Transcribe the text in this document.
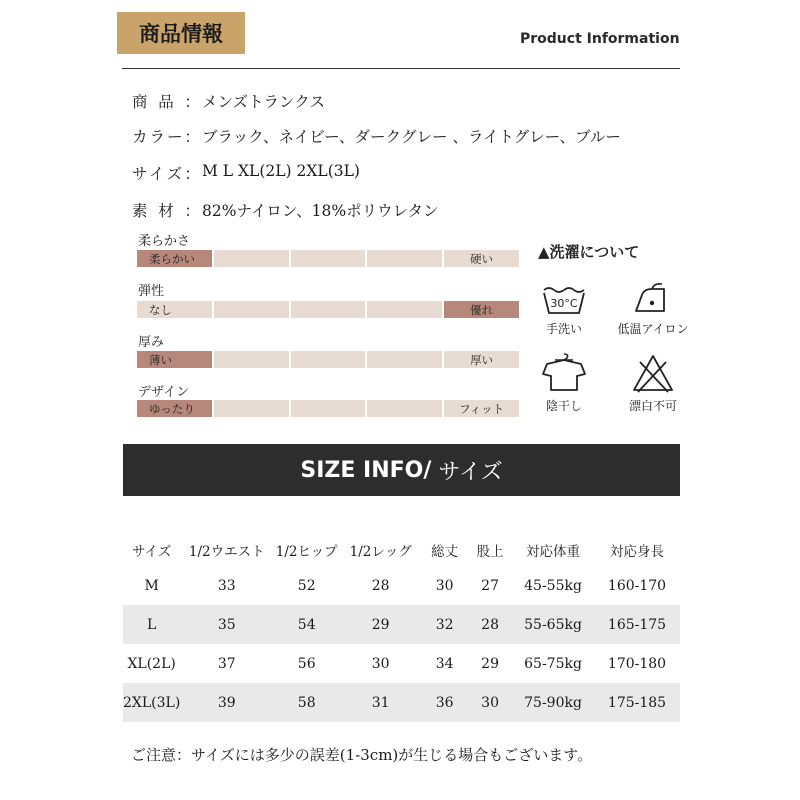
商品情報	Product Information
商品： メンズトランクス
カラー： ブラック、ネイビー、ダークグレー 、ライトグレー、ブルー
サイズ： M L XL(2L) 2XL(3L)
素材： 82%ナイロン、18%ポリウレタン
柔らかさ
柔らかい	硬い
弾性
なし	優れ
厚み
薄い	厚い
デザイン
ゆったり	フィット
▲洗濯について
30°C
手洗い	低温アイロン
陰干し	漂白不可
SIZE INFO/ サイズ
サイズ	1/2ウエスト	1/2ヒップ	1/2レッグ	総丈	股上	対応体重	対応身長
M	33	52	28	30	27	45-55kg	160-170
L	35	54	29	32	28	55-65kg	165-175
XL(2L)	37	56	30	34	29	65-75kg	170-180
2XL(3L)	39	58	31	36	30	75-90kg	175-185
ご注意：サイズには多少の誤差(1-3cm)が生じる場合もございます。
